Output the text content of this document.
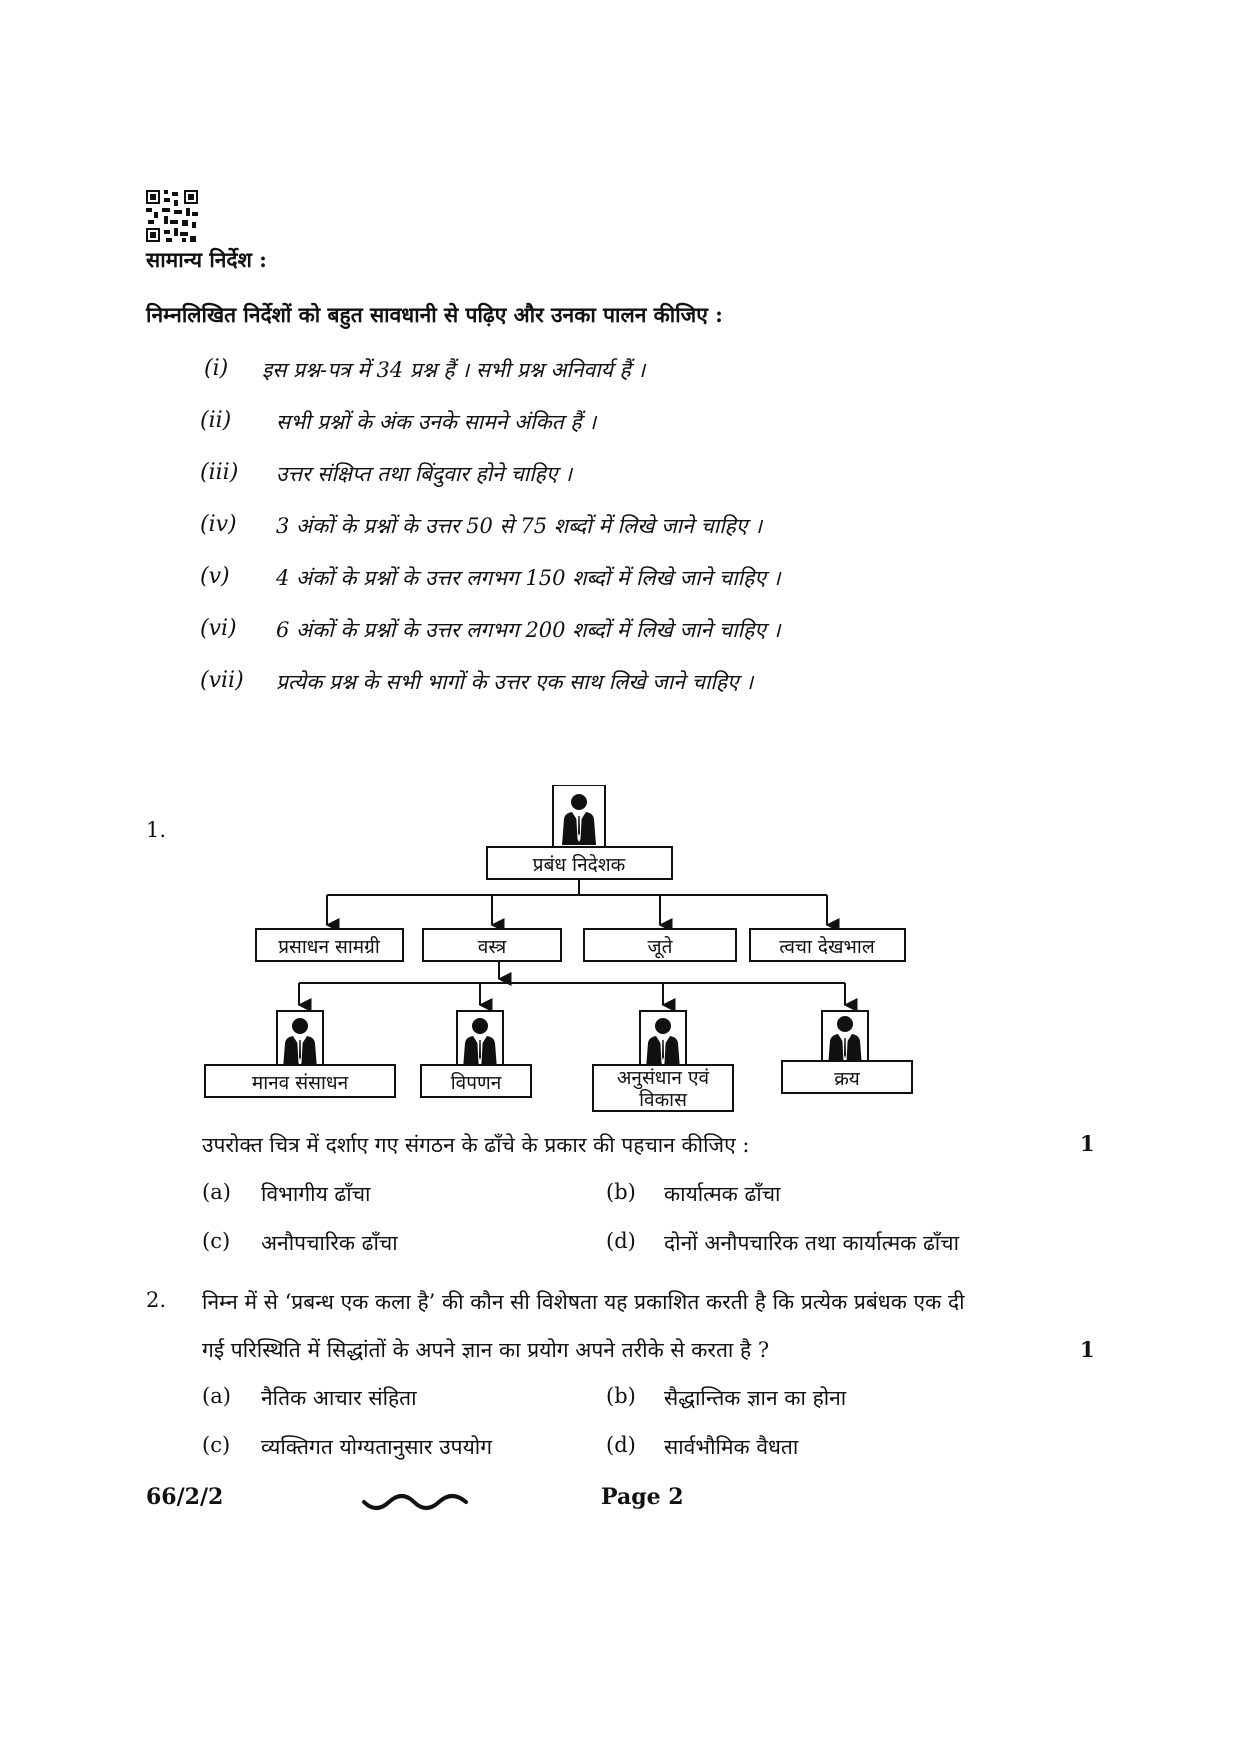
सामान्य निर्देश :
निम्नलिखित निर्देशों को बहुत सावधानी से पढ़िए और उनका पालन कीजिए :
(i) इस प्रश्न-पत्र में 34 प्रश्न हैं । सभी प्रश्न अनिवार्य हैं ।
(ii) सभी प्रश्नों के अंक उनके सामने अंकित हैं ।
(iii) उत्तर संक्षिप्त तथा बिंदुवार होने चाहिए ।
(iv) 3 अंकों के प्रश्नों के उत्तर 50 से 75 शब्दों में लिखे जाने चाहिए ।
(v) 4 अंकों के प्रश्नों के उत्तर लगभग 150 शब्दों में लिखे जाने चाहिए ।
(vi) 6 अंकों के प्रश्नों के उत्तर लगभग 200 शब्दों में लिखे जाने चाहिए ।
(vii) प्रत्येक प्रश्न के सभी भागों के उत्तर एक साथ लिखे जाने चाहिए ।
1.
प्रबंध निदेशक
प्रसाधन सामग्री	वस्त्र	जूते	त्वचा देखभाल
मानव संसाधन	विपणन	अनुसंधान एवं
विकास
क्रय
उपरोक्त चित्र में दर्शाए गए संगठन के ढाँचे के प्रकार की पहचान कीजिए :	1
(a) विभागीय ढाँचा	(b) कार्यात्मक ढाँचा
(c) अनौपचारिक ढाँचा	(d) दोनों अनौपचारिक तथा कार्यात्मक ढाँचा
2. निम्न में से ‘प्रबन्ध एक कला है’ की कौन सी विशेषता यह प्रकाशित करती है कि प्रत्येक प्रबंधक एक दी
गई परिस्थिति में सिद्धांतों के अपने ज्ञान का प्रयोग अपने तरीके से करता है ?	1
(a) नैतिक आचार संहिता	(b) सैद्धान्तिक ज्ञान का होना
(c) व्यक्तिगत योग्यतानुसार उपयोग	(d) सार्वभौमिक वैधता
66/2/2	Page 2
